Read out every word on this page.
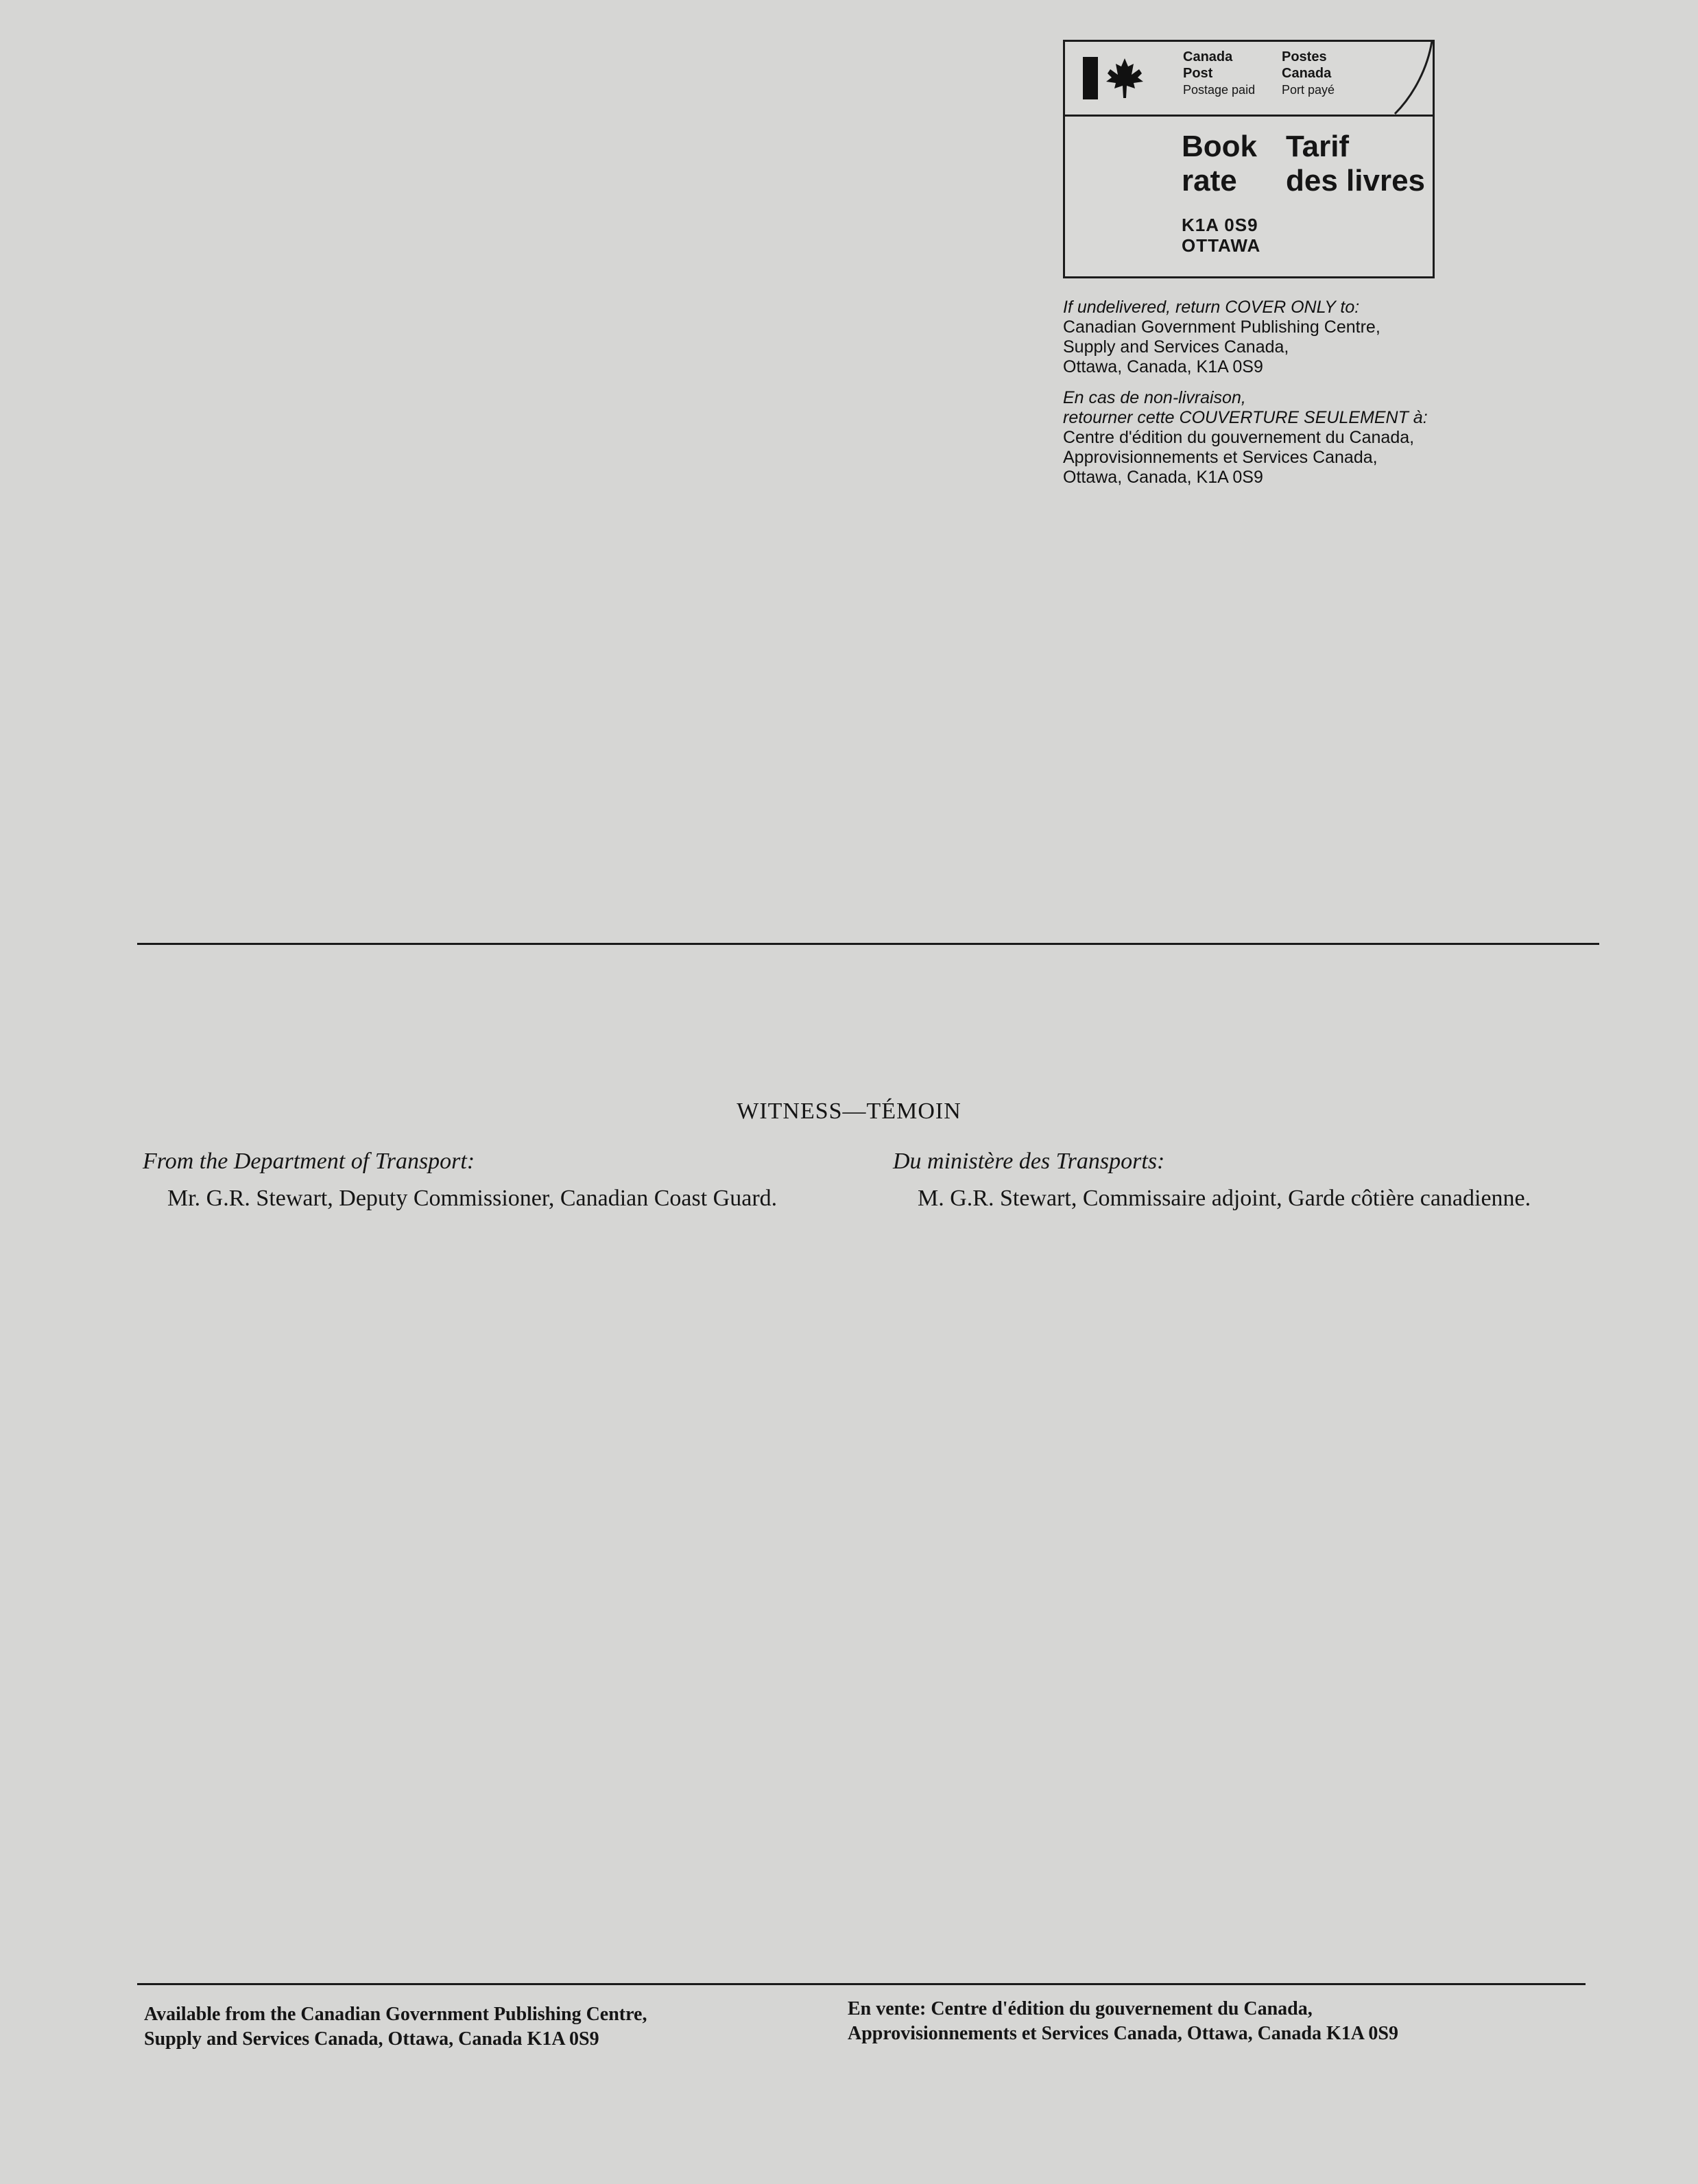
Canada
Post
Postage paid
Postes
Canada
Port payé
Book
rate
Tarif
des livres
K1A 0S9
OTTAWA

If undelivered, return COVER ONLY to:

Canadian Government Publishing Centre,

Supply and Services Canada,

Ottawa, Canada, K1A 0S9

En cas de non-livraison,

retourner cette COUVERTURE SEULEMENT à:

Centre d'édition du gouvernement du Canada,

Approvisionnements et Services Canada,

Ottawa, Canada, K1A 0S9

WITNESS—TÉMOIN
From the Department of Transport:
Mr. G.R. Stewart, Deputy Commissioner, Canadian Coast Guard.
Du ministère des Transports:
M. G.R. Stewart, Commissaire adjoint, Garde côtière canadienne.
Available from the Canadian Government Publishing Centre,
Supply and Services Canada, Ottawa, Canada K1A 0S9
En vente: Centre d'édition du gouvernement du Canada,
Approvisionnements et Services Canada, Ottawa, Canada K1A 0S9
